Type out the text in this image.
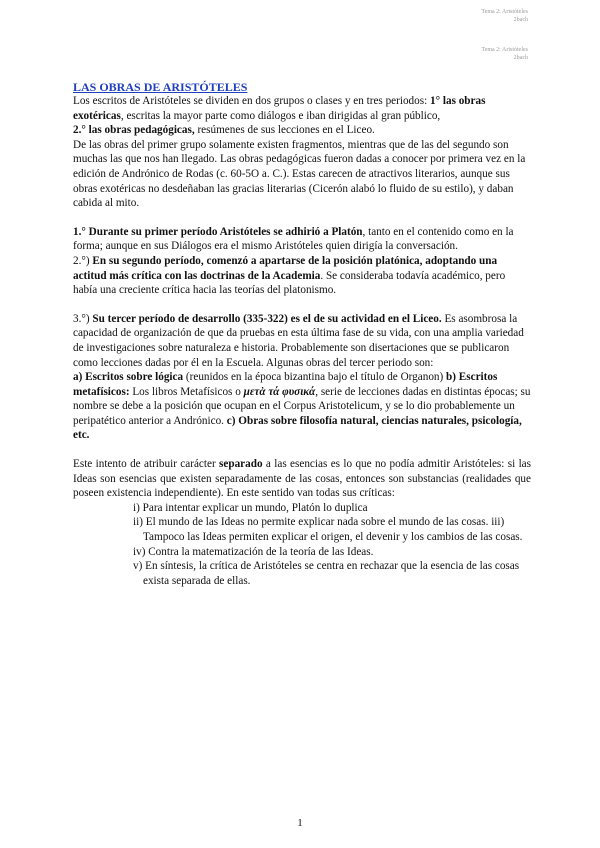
Tema 2: Aristóteles
2bach
Tema 2: Aristóteles
2bach
LAS OBRAS DE ARISTÓTELES

Los escritos de Aristóteles se dividen en dos grupos o clases y en tres periodos: 1° las obras exotéricas, escritas la mayor parte como diálogos e iban dirigidas al gran público,

2.° las obras pedagógicas, resúmenes de sus lecciones en el Liceo.

De las obras del primer grupo solamente existen fragmentos, mientras que de las del segundo son muchas las que nos han llegado. Las obras pedagógicas fueron dadas a conocer por primera vez en la edición de Andrónico de Rodas (c. 60-5O a. C.). Estas carecen de atractivos literarios, aunque sus obras exotéricas no desdeñaban las gracias literarias (Cicerón alabó lo fluido de su estilo), y daban cabida al mito.

1.° Durante su primer período Aristóteles se adhirió a Platón, tanto en el contenido como en la forma; aunque en sus Diálogos era el mismo Aristóteles quien dirigía la conversación.

2.°) En su segundo período, comenzó a apartarse de la posición platónica, adoptando una actitud más crítica con las doctrinas de la Academia. Se consideraba todavía académico, pero había una creciente crítica hacia las teorías del platonismo.

3.°) Su tercer período de desarrollo (335-322) es el de su actividad en el Liceo. Es asombrosa la capacidad de organización de que da pruebas en esta última fase de su vida, con una amplia variedad de investigaciones sobre naturaleza e historia. Probablemente son disertaciones que se publicaron como lecciones dadas por él en la Escuela. Algunas obras del tercer periodo son:

a) Escritos sobre lógica (reunidos en la época bizantina bajo el título de Organon) b) Escritos metafísicos: Los libros Metafísicos o μετὰ τά φυσικά, serie de lecciones dadas en distintas épocas; su nombre se debe a la posición que ocupan en el Corpus Aristotelicum, y se lo dio probablemente un peripatético anterior a Andrónico. c) Obras sobre filosofía natural, ciencias naturales, psicología, etc.

Este intento de atribuir carácter separado a las esencias es lo que no podía admitir Aristóteles: si las Ideas son esencias que existen separadamente de las cosas, entonces son substancias (realidades que poseen existencia independiente). En este sentido van todas sus críticas:

i) Para intentar explicar un mundo, Platón lo duplica

ii) El mundo de las Ideas no permite explicar nada sobre el mundo de las cosas. iii) Tampoco las Ideas permiten explicar el origen, el devenir y los cambios de las cosas.

iv) Contra la matematización de la teoría de las Ideas.

v) En síntesis, la crítica de Aristóteles se centra en rechazar que la esencia de las cosas exista separada de ellas.

1
